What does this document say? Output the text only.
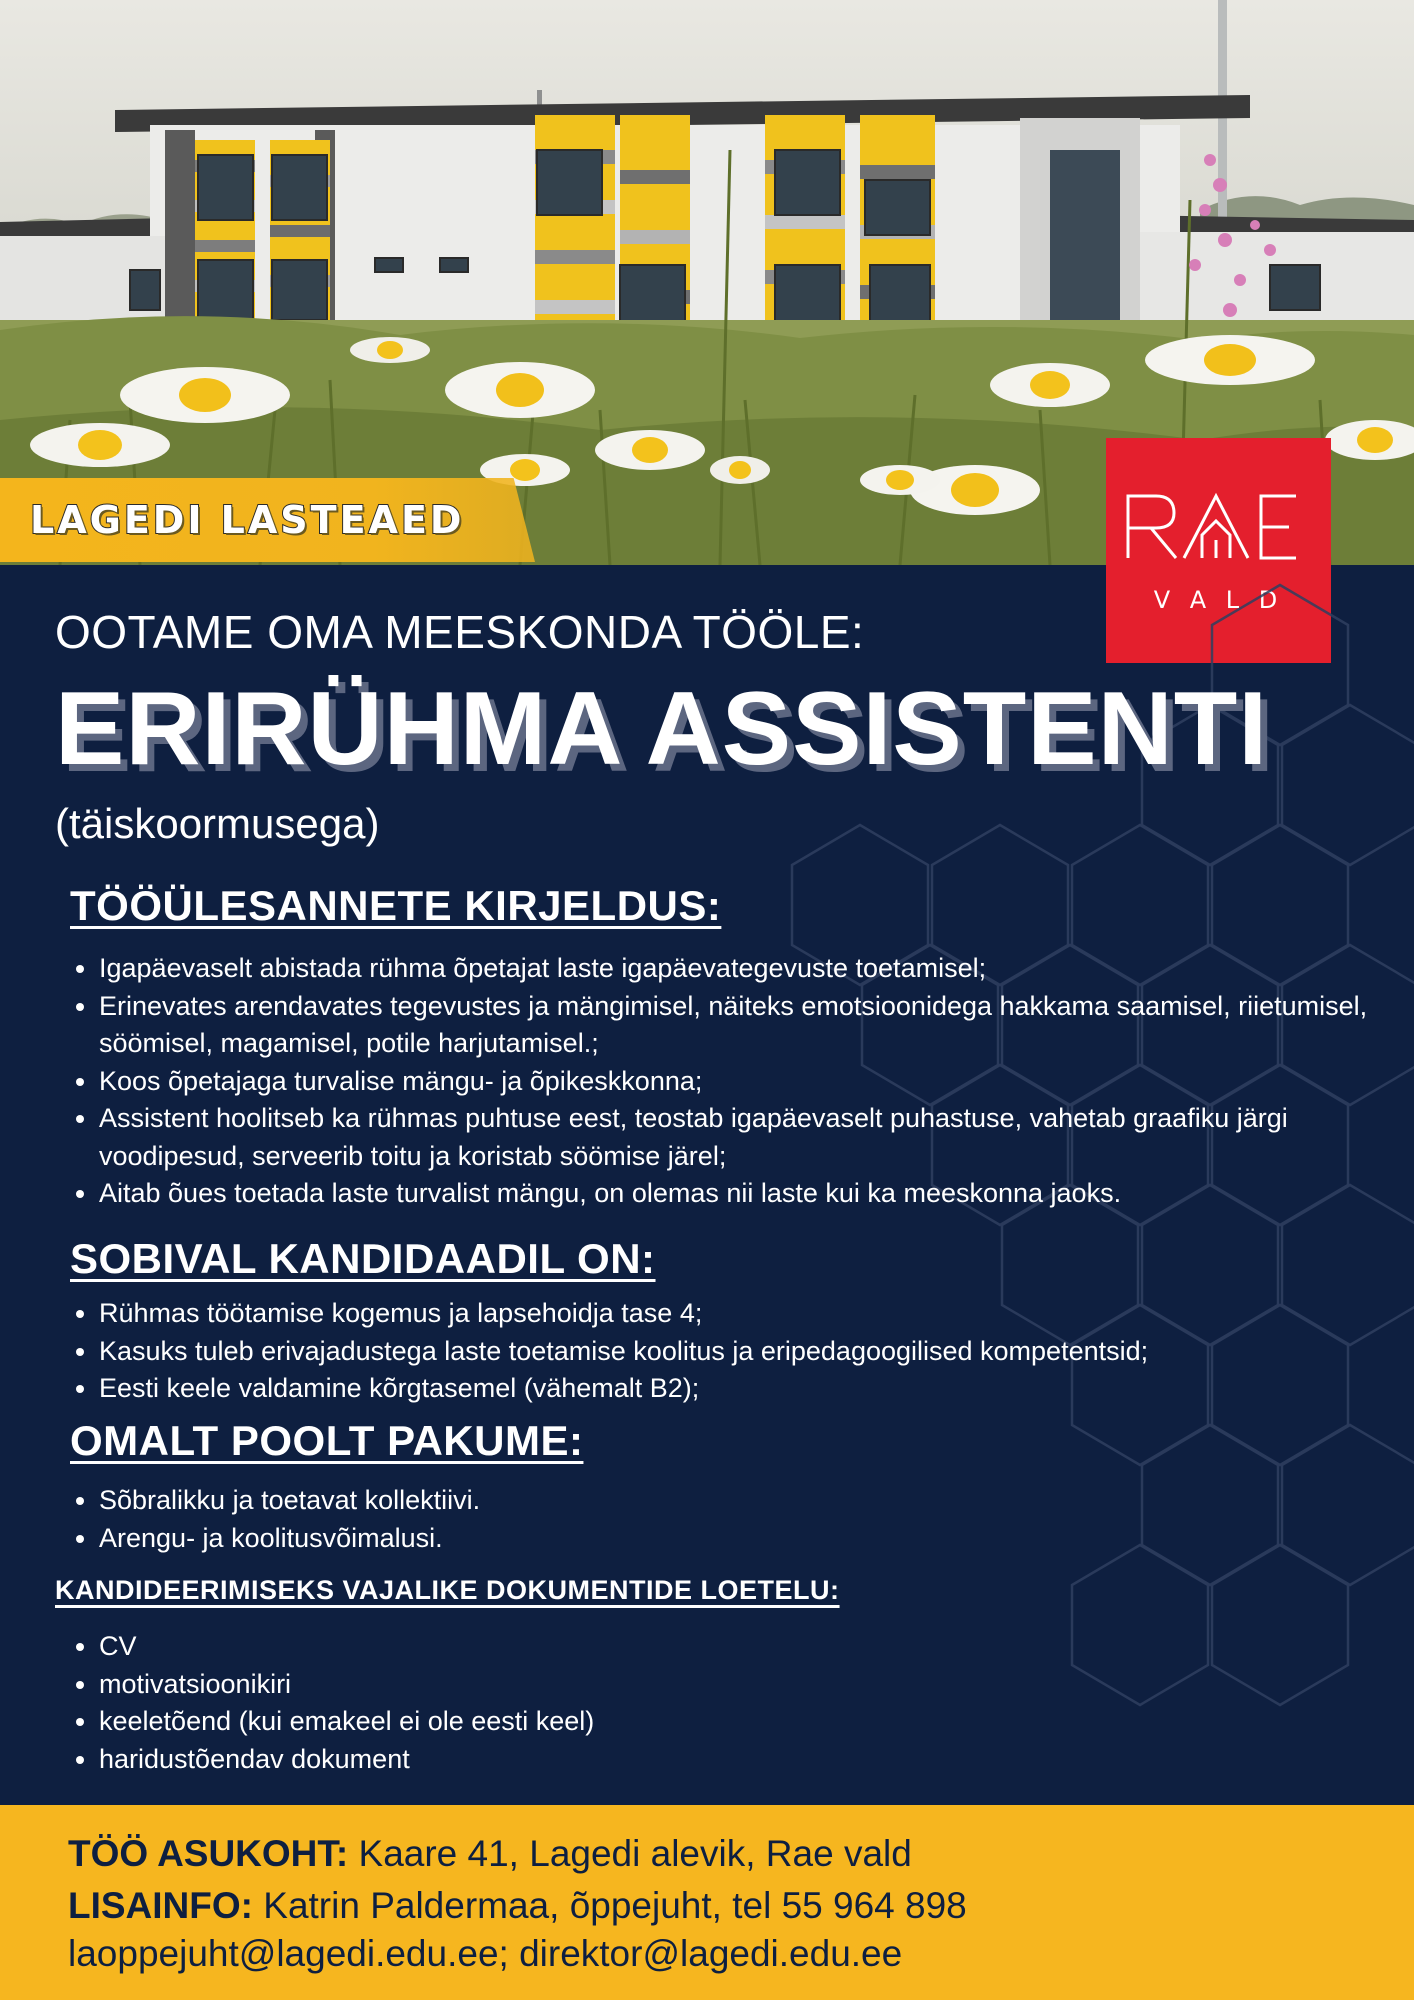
LAGEDI LASTEAED
V A L D
OOTAME OMA MEESKONDA TÖÖLE:
ERIRÜHMA ASSISTENTI
(täiskoormusega)
TÖÖÜLESANNETE KIRJELDUS:
• Igapäevaselt abistada rühma õpetajat laste igapäevategevuste toetamisel;
• Erinevates arendavates tegevustes ja mängimisel, näiteks emotsioonidega hakkama saamisel, riietumisel, söömisel, magamisel, potile harjutamisel.;
• Koos õpetajaga turvalise mängu- ja õpikeskkonna;
• Assistent hoolitseb ka rühmas puhtuse eest, teostab igapäevaselt puhastuse, vahetab graafiku järgi voodipesud, serveerib toitu ja koristab söömise järel;
• Aitab õues toetada laste turvalist mängu, on olemas nii laste kui ka meeskonna jaoks.
SOBIVAL KANDIDAADIL ON:
• Rühmas töötamise kogemus ja lapsehoidja tase 4;
• Kasuks tuleb erivajadustega laste toetamise koolitus ja eripedagoogilised kompetentsid;
• Eesti keele valdamine kõrgtasemel (vähemalt B2);
OMALT POOLT PAKUME:
• Sõbralikku ja toetavat kollektiivi.
• Arengu- ja koolitusvõimalusi.
KANDIDEERIMISEKS VAJALIKE DOKUMENTIDE LOETELU:
• CV
• motivatsioonikiri
• keeletõend (kui emakeel ei ole eesti keel)
• haridustõendav dokument
TÖÖ ASUKOHT: Kaare 41, Lagedi alevik, Rae vald
LISAINFO: Katrin Paldermaa, õppejuht, tel 55 964 898
laoppejuht@lagedi.edu.ee; direktor@lagedi.edu.ee
